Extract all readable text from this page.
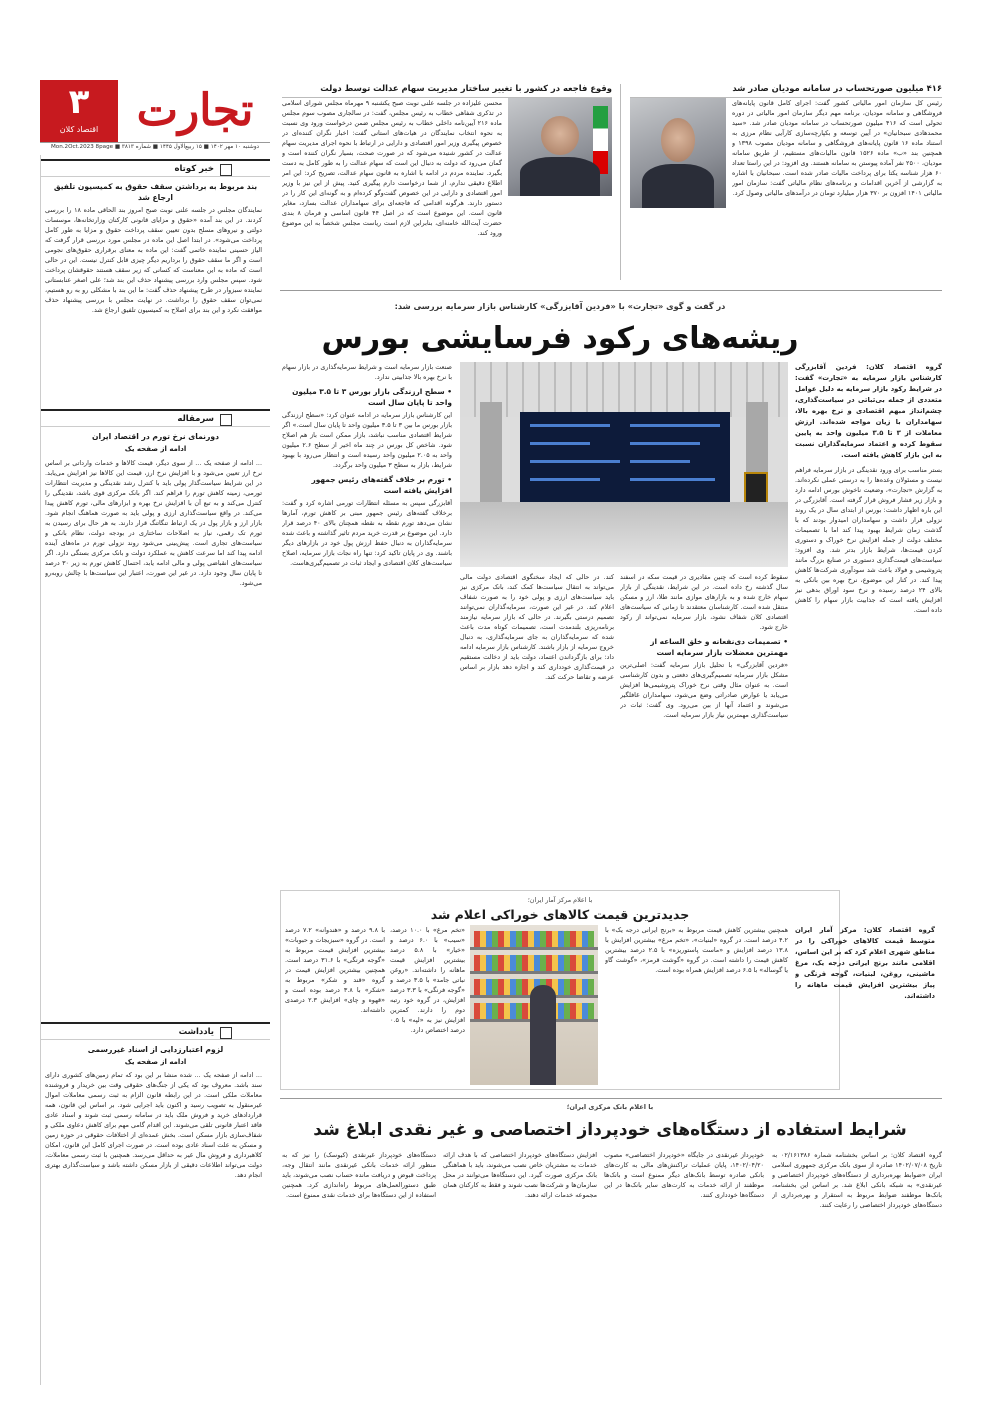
۳
اقتصاد کلان تجارت
دوشنبه ۱۰ مهر ۱۴۰۲ ■ ۱۵ ربیع‌الاول ۱۴۴۵ ■ شماره ۳۸۱۳ ■ Mon.2Oct.2023 8page
خبر کوتاه
بند مربوط به برداشتن سقف حقوق به کمیسیون تلفیق ارجاع شد

نمایندگان مجلس در جلسه علنی نوبت صبح امروز بند الحاقی ماده ۱۸ را بررسی کردند. در این بند آمده «حقوق و مزایای قانونی کارکنان وزارتخانه‌ها، موسسات دولتی و نیروهای مسلح بدون تعیین سقف پرداخت حقوق و مزایا به طور کامل پرداخت می‌شود». در ابتدا اصل این ماده در مجلس مورد بررسی قرار گرفت که الیاز حسینی نماینده خاتمی گفت: این ماده به معنای برقراری حقوق‌های نجومی است و اگر ما سقف حقوق را برداریم دیگر چیزی قابل کنترل نیست. این در حالی است که ماده به این معناست که کسانی که زیر سقف هستند حقوقشان پرداخت شود. سپس مجلس وارد بررسی پیشنهاد حذف این بند شد؛ علی اصغر عنابستانی نماینده سبزوار در طرح پیشنهاد حذف گفت: ما این بند با مشکلی رو به رو هستیم، نمی‌توان سقف حقوق را برداشت. در نهایت مجلس با بررسی پیشنهاد حذف موافقت نکرد و این بند برای اصلاح به کمیسیون تلفیق ارجاع شد.

سرمقاله
دورنمای نرخ تورم در اقتصاد ایران
ادامه از صفحه یک

... ادامه از صفحه یک ... از سوی دیگر، قیمت کالاها و خدمات وارداتی بر اساس نرخ ارز تعیین می‌شود و با افزایش نرخ ارز، قیمت این کالاها نیز افزایش می‌یابد. در این شرایط سیاست‌گذار پولی باید با کنترل رشد نقدینگی و مدیریت انتظارات تورمی، زمینه کاهش تورم را فراهم کند. اگر بانک مرکزی قوی باشد، نقدینگی را کنترل می‌کند و به تبع آن با افزایش نرخ بهره و ابزارهای مالی، تورم کاهش پیدا می‌کند. در واقع سیاست‌گذاری ارزی و پولی باید به صورت هماهنگ انجام شود. بازار ارز و بازار پول در یک ارتباط تنگاتنگ قرار دارند. به هر حال برای رسیدن به تورم تک رقمی، نیاز به اصلاحات ساختاری در بودجه دولت، نظام بانکی و سیاست‌های تجاری است. پیش‌بینی می‌شود روند نزولی تورم در ماه‌های آینده ادامه پیدا کند اما سرعت کاهش به عملکرد دولت و بانک مرکزی بستگی دارد. اگر سیاست‌های انقباضی پولی و مالی ادامه یابد، احتمال کاهش تورم به زیر ۳۰ درصد تا پایان سال وجود دارد. در غیر این صورت، اعتبار این سیاست‌ها با چالش روبه‌رو می‌شود.

یادداشت
لزوم اعتبارزدایی از اسناد غیررسمی
ادامه از صفحه یک

... ادامه از صفحه یک ... شده منشا بر این بود که تمام زمین‌های کشوری دارای سند باشد. معروف بود که یکی از جنگ‌های حقوقی وقت بین خریدار و فروشنده معاملات ملکی است. در این رابطه قانون الزام به ثبت رسمی معاملات اموال غیرمنقول به تصویب رسید و اکنون باید اجرایی شود. بر اساس این قانون، همه قراردادهای خرید و فروش ملک باید در سامانه رسمی ثبت شوند و اسناد عادی فاقد اعتبار قانونی تلقی می‌شوند. این اقدام گامی مهم برای کاهش دعاوی ملکی و شفاف‌سازی بازار مسکن است. بخش عمده‌ای از اختلافات حقوقی در حوزه زمین و مسکن به علت اسناد عادی بوده است. در صورت اجرای کامل این قانون، امکان کلاهبرداری و فروش مال غیر به حداقل می‌رسد. همچنین با ثبت رسمی معاملات، دولت می‌تواند اطلاعات دقیقی از بازار مسکن داشته باشد و سیاست‌گذاری بهتری انجام دهد.

۴۱۶ میلیون صورتحساب در سامانه مودیان صادر شد

رئیس کل سازمان امور مالیاتی کشور گفت: اجرای کامل قانون پایانه‌های فروشگاهی و سامانه مودیان، برنامه مهم دیگر سازمان امور مالیاتی در دوره تحولی است که ۴۱۶ میلیون صورتحساب در سامانه مودیان صادر شد. «سید محمدهادی سبحانیان» در آیین توسعه و بکپارچه‌سازی کارآیی نظام مرزی به استناد ماده ۱۶ قانون پایانه‌های فروشگاهی و سامانه مودیان مصوب ۱۳۹۸ و همچنین بند «ب» ماده ۱۵۲۶ قانون مالیات‌های مستقیم، از طریق سامانه مودیان، ۲۵۰۰ نفر آماده پیوستن به سامانه هستند. وی افزود: در این راستا تعداد ۶۰ هزار شناسه یکتا برای پرداخت مالیات صادر شده است. سبحانیان با اشاره به گزارشی از آخرین اقدامات و برنامه‌های نظام مالیاتی گفت: سازمان امور مالیاتی ۱۴۰۱ افزون بر ۳۷۰ هزار میلیارد تومان در درآمدهای مالیاتی وصول کرد.

وقوع فاجعه در کشور با تغییر ساختار مدیریت سهام عدالت توسط دولت

محسن علیزاده در جلسه علنی نوبت صبح یکشنبه ۹ مهرماه مجلس شورای اسلامی در تذکری شفاهی خطاب به رئیس مجلس، گفت: در سالجاری مصوب سوم مجلس ماده ۲۱۶ آیین‌نامه داخلی خطاب به رئیس مجلس ضمن درخواست ورود وی نسبت به نحوه انتخاب نمایندگان در هیات‌های استانی گفت: اخبار نگران کننده‌ای در خصوص پیگیری وزیر امور اقتصادی و دارایی در ارتباط با نحوه اجرای مدیریت سهام عدالت در کشور شنیده می‌شود که در صورت صحت، بسیار نگران کننده است و گمان می‌رود که دولت به دنبال این است که سهام عدالت را به طور کامل به دست بگیرد. نماینده مردم در ادامه با اشاره به قانون سهام عدالت، تصریح کرد: این امر اطلاع دقیقی ندارم، از شما درخواست دارم پیگیری کنید. پیش از این نیز با وزیر امور اقتصادی و دارایی در این خصوص گفت‌وگو کرده‌ام و به گونه‌ای این کار را در دستور دارند. هرگونه اقدامی که فاجعه‌ای برای سهامداران عدالت بسازد، مغایر قانون است. این موضوع است که در اصل ۴۴ قانون اساسی و فرمان ۸ بندی حضرت آیت‌الله خامنه‌ای، بنابراین لازم است ریاست مجلس شخصاً به این موضوع ورود کند.

در گفت و گوی «تجارت» با «فردین آقابزرگی» کارشناس بازار سرمایه بررسی شد:
ریشه‌های رکود فرسایشی بورس

گروه اقتصاد کلان: فردین آقابزرگی کارشناس بازار سرمایه به «تجارت» گفت: در شرایط رکود بازار سرمایه به دلیل عوامل متعددی از جمله بی‌ثباتی در سیاست‌گذاری، چشم‌انداز مبهم اقتصادی و نرخ بهره بالا، سهامداران با زیان مواجه شده‌اند. ارزش معاملات از ۳ تا ۳.۵ میلیون واحد به پایین سقوط کرده و اعتماد سرمایه‌گذاران نسبت به این بازار کاهش یافته است.

بستر مناسب برای ورود نقدینگی در بازار سرمایه فراهم نیست و مسئولان وعده‌ها را به درستی عملی نکرده‌اند. به گزارش «تجارت»، وضعیت ناخوش بورس ادامه دارد و بازار زیر فشار فروش قرار گرفته است. آقابزرگی در این باره اظهار داشت: بورس از ابتدای سال در یک روند نزولی قرار داشت و سهامداران امیدوار بودند که با گذشت زمان شرایط بهبود پیدا کند اما با تصمیمات مختلف دولت از جمله افزایش نرخ خوراک و دستوری کردن قیمت‌ها، شرایط بازار بدتر شد. وی افزود: سیاست‌های قیمت‌گذاری دستوری در صنایع بزرگ مانند پتروشیمی و فولاد باعث شد سودآوری شرکت‌ها کاهش پیدا کند. در کنار این موضوع، نرخ بهره بین بانکی به بالای ۲۴ درصد رسیده و نرخ سود اوراق بدهی نیز افزایش یافته است که جذابیت بازار سهام را کاهش داده است.

سقوط کرده است که چنین مقادیری در قیمت سکه در اسفند سال گذشته رخ داده است. در این شرایط، نقدینگی از بازار سهام خارج شده و به بازارهای موازی مانند طلا، ارز و مسکن منتقل شده است. کارشناسان معتقدند تا زمانی که سیاست‌های اقتصادی کلان شفاف نشود، بازار سرمایه نمی‌تواند از رکود خارج شود.

• تصمیمات دی‌نفعانه و خلق الساعه از مهمترین معضلات بازار سرمایه است

«فردین آقابزرگی» با تحلیل بازار سرمایه گفت: اصلی‌ترین مشکل بازار سرمایه تصمیم‌گیری‌های دفعتی و بدون کارشناسی است. به عنوان مثال وقتی نرخ خوراک پتروشیمی‌ها افزایش می‌یابد یا عوارض صادراتی وضع می‌شود، سهامداران غافلگیر می‌شوند و اعتماد آنها از بین می‌رود. وی گفت: ثبات در سیاست‌گذاری مهمترین نیاز بازار سرمایه است.

کند. در حالی که ایجاد سخنگوی اقتصادی دولت مالی می‌تواند به انتقال سیاست‌ها کمک کند، بانک مرکزی نیز باید سیاست‌های ارزی و پولی خود را به صورت شفاف اعلام کند. در غیر این صورت، سرمایه‌گذاران نمی‌توانند تصمیم درستی بگیرند. در حالی که بازار سرمایه نیازمند برنامه‌ریزی بلندمدت است، تصمیمات کوتاه مدت باعث شده که سرمایه‌گذاران به جای سرمایه‌گذاری، به دنبال خروج سرمایه از بازار باشند. کارشناس بازار سرمایه ادامه داد: برای بازگرداندن اعتماد، دولت باید از دخالت مستقیم در قیمت‌گذاری خودداری کند و اجازه دهد بازار بر اساس عرضه و تقاضا حرکت کند.

صنعت بازار سرمایه است و شرایط سرمایه‌گذاری در بازار سهام با نرخ بهره بالا جذابیتی ندارد.

• سطح ارزندگی بازار بورس ۳ تا ۳.۵ میلیون واحد تا پایان سال است

این کارشناس بازار سرمایه در ادامه عنوان کرد: «سطح ارزندگی بازار بورس ما بین ۳ تا ۳.۵ میلیون واحد تا پایان سال است.» اگر شرایط اقتصادی مناسب نباشد، بازار ممکن است باز هم اصلاح شود. شاخص کل بورس در چند ماه اخیر از سطح ۲.۶ میلیون واحد به ۲.۰۵ میلیون واحد رسیده است و انتظار می‌رود با بهبود شرایط، بازار به سطح ۳ میلیون واحد برگردد.

• تورم بر خلاف گفته‌های رئیس جمهور افزایش یافته است

آقابزرگی سپس به مسئله انتظارات تورمی اشاره کرد و گفت: برخلاف گفته‌های رئیس جمهور مبنی بر کاهش تورم، آمارها نشان می‌دهد تورم نقطه به نقطه همچنان بالای ۴۰ درصد قرار دارد. این موضوع بر قدرت خرید مردم تاثیر گذاشته و باعث شده سرمایه‌گذاران به دنبال حفظ ارزش پول خود در بازارهای دیگر باشند. وی در پایان تاکید کرد: تنها راه نجات بازار سرمایه، اصلاح سیاست‌های کلان اقتصادی و ایجاد ثبات در تصمیم‌گیری‌هاست.

با اعلام مرکز آمار ایران؛
جدیدترین قیمت کالاهای خوراکی اعلام شد

گروه اقتصاد کلان: مرکز آمار ایران متوسط قیمت کالاهای خوراکی را در مناطق شهری اعلام کرد که بر این اساس، اقلامی مانند برنج ایرانی درجه یک، مرغ ماشینی، روغن، لبنیات، گوجه فرنگی و پیاز بیشترین افزایش قیمت ماهانه را داشته‌اند.

همچنین بیشترین کاهش قیمت مربوط به «برنج ایرانی درجه یک» با ۴.۲ درصد است. در گروه «لبنیات»، «تخم مرغ» بیشترین افزایش با ۱۳.۸ درصد افزایش و «ماست پاستوریزه» با ۲.۵ درصد بیشترین کاهش قیمت را داشته است. در گروه «گوشت قرمز»، «گوشت گاو یا گوساله» با ۶.۵ درصد افزایش همراه بوده است.

«تخم مرغ» با ۱۰.۰ درصد، «سیب» با ۶.۰ درصد و «خیار» با ۵.۸ درصد بیشترین افزایش قیمت ماهانه را داشته‌اند. «روغن نباتی جامد» با ۳.۵ درصد و «گوجه فرنگی» با ۳.۳ درصد افزایش، در گروه خود رتبه دوم را دارند. کمترین افزایش نیز به «لپه» با ۰.۵ درصد اختصاص دارد.

با ۹.۸ درصد و «هندوانه» ۷.۲ درصد است. در گروه «سبزیجات و حبوبات» بیشترین افزایش قیمت مربوط به «گوجه فرنگی» با ۳۱.۶ درصد است. همچنین بیشترین افزایش قیمت در گروه «قند و شکر» مربوط به «شکر» با ۳.۸ درصد بوده است و «قهوه و چای» افزایش ۲.۳ درصدی داشته‌اند.

با اعلام بانک مرکزی ایران؛
شرایط استفاده از دستگاه‌های خودپرداز اختصاصی و غیر نقدی ابلاغ شد

گروه اقتصاد کلان: بر اساس بخشنامه شماره ۰۲/۱۶۱۳۸۶ به تاریخ ۱۴۰۲/۰۷/۰۸ صادره از سوی بانک مرکزی جمهوری اسلامی ایران «ضوابط بهره‌برداری از دستگاه‌های خودپرداز اختصاصی و غیرنقدی» به شبکه بانکی ابلاغ شد. بر اساس این بخشنامه، بانک‌ها موظفند ضوابط مربوط به استقرار و بهره‌برداری از دستگاه‌های خودپرداز اختصاصی را رعایت کنند.

خودپرداز غیرنقدی در جایگاه «خودپرداز اختصاصی» مصوب ۱۴۰۲/۰۴/۲۰، پایان عملیات تراکنش‌های مالی به کارت‌های بانکی صادره توسط بانک‌های دیگر ممنوع است و بانک‌ها موظفند از ارائه خدمات به کارت‌های سایر بانک‌ها در این دستگاه‌ها خودداری کنند.

افزایش دستگاه‌های خودپرداز اختصاصی که با هدف ارائه خدمات به مشتریان خاص نصب می‌شوند، باید با هماهنگی بانک مرکزی صورت گیرد. این دستگاه‌ها می‌توانند در محل سازمان‌ها و شرکت‌ها نصب شوند و فقط به کارکنان همان مجموعه خدمات ارائه دهند.

دستگاه‌های خودپرداز غیرنقدی (کیوسک) را نیز که به منظور ارائه خدمات بانکی غیرنقدی مانند انتقال وجه، پرداخت قبوض و دریافت مانده حساب نصب می‌شوند، باید طبق دستورالعمل‌های مربوط راه‌اندازی کرد. همچنین استفاده از این دستگاه‌ها برای خدمات نقدی ممنوع است.
